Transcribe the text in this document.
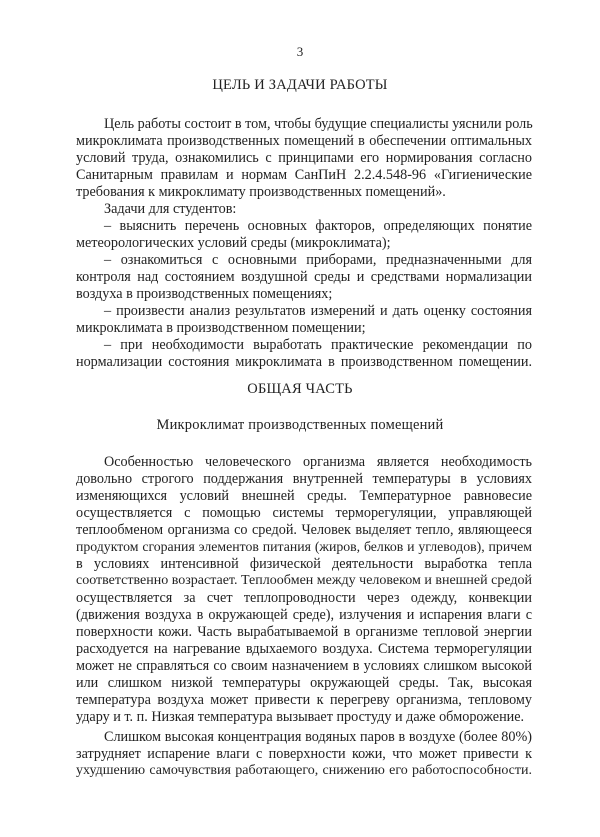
3
ЦЕЛЬ И ЗАДАЧИ РАБОТЫ
Цель работы состоит в том, чтобы будущие специалисты уяснили роль
микроклимата производственных помещений в обеспечении оптимальных
условий труда, ознакомились с принципами его нормирования согласно
Санитарным правилам и нормам СанПиН 2.2.4.548-96 «Гигиенические
требования к микроклимату производственных помещений».
Задачи для студентов:
– выяснить перечень основных факторов, определяющих понятие
метеорологических условий среды (микроклимата);
– ознакомиться с основными приборами, предназначенными для
контроля над состоянием воздушной среды и средствами нормализации
воздуха в производственных помещениях;
– произвести анализ результатов измерений и дать оценку состояния
микроклимата в производственном помещении;
– при необходимости выработать практические рекомендации по
нормализации состояния микроклимата в производственном помещении.
ОБЩАЯ ЧАСТЬ
Микроклимат производственных помещений
Особенностью человеческого организма является необходимость
довольно строгого поддержания внутренней температуры в условиях
изменяющихся условий внешней среды. Температурное равновесие
осуществляется с помощью системы терморегуляции, управляющей
теплообменом организма со средой. Человек выделяет тепло, являющееся
продуктом сгорания элементов питания (жиров, белков и углеводов), причем
в условиях интенсивной физической деятельности выработка тепла
соответственно возрастает. Теплообмен между человеком и внешней средой
осуществляется за счет теплопроводности через одежду, конвекции
(движения воздуха в окружающей среде), излучения и испарения влаги с
поверхности кожи. Часть вырабатываемой в организме тепловой энергии
расходуется на нагревание вдыхаемого воздуха. Система терморегуляции
может не справляться со своим назначением в условиях слишком высокой
или слишком низкой температуры окружающей среды. Так, высокая
температура воздуха может привести к перегреву организма, тепловому
удару и т. п. Низкая температура вызывает простуду и даже обморожение.
Слишком высокая концентрация водяных паров в воздухе (более 80%)
затрудняет испарение влаги с поверхности кожи, что может привести к
ухудшению самочувствия работающего, снижению его работоспособности.
